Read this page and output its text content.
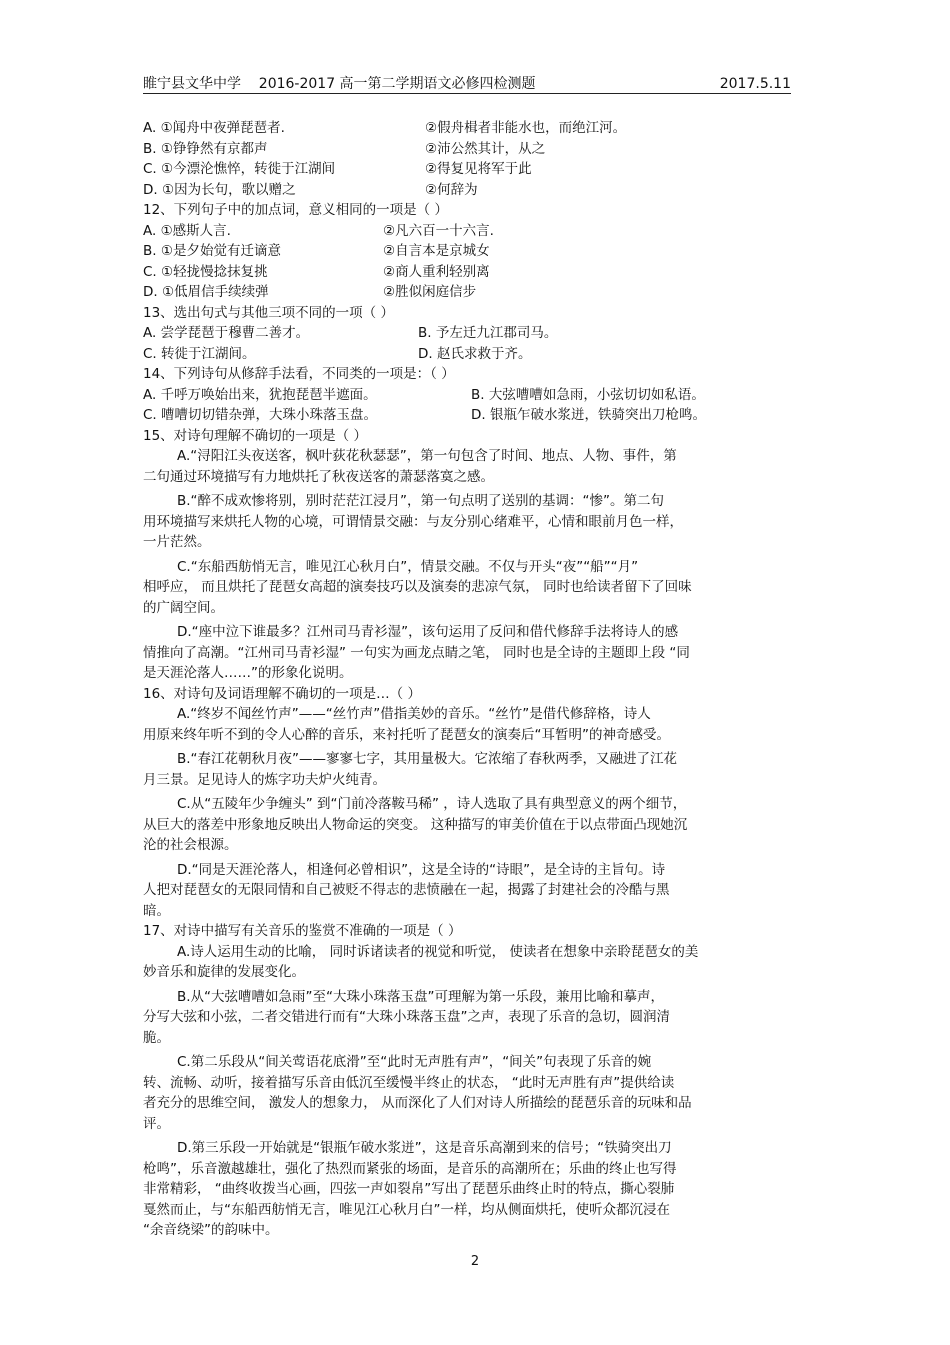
睢宁县文华中学    2016-2017 高一第二学期语文必修四检测题	2017.5.11
A. ①闻舟中夜弹琵琶者.	②假舟楫者非能水也，而绝江河。
B. ①铮铮然有京都声	②沛公然其计，从之
C. ①今漂沦憔悴，转徙于江湖间	②得复见将军于此
D. ①因为长句，歌以赠之	②何辞为
12、下列句子中的加点词，意义相同的一项是（ ）
A. ①感斯人言.	②凡六百一十六言.
B. ①是夕始觉有迁谪意	②自言本是京城女
C. ①轻拢慢捻抹复挑	②商人重利轻别离
D. ①低眉信手续续弹	②胜似闲庭信步
13、选出句式与其他三项不同的一项（ ）
A. 尝学琵琶于穆曹二善才。	B. 予左迁九江郡司马。
C. 转徙于江湖间。	D. 赵氏求救于齐。
14、下列诗句从修辞手法看，不同类的一项是：（ ）
A. 千呼万唤始出来，犹抱琵琶半遮面。	B. 大弦嘈嘈如急雨，小弦切切如私语。
C. 嘈嘈切切错杂弹，大珠小珠落玉盘。	D. 银瓶乍破水浆迸，铁骑突出刀枪鸣。
15、对诗句理解不确切的一项是（ ）
A.“浔阳江头夜送客，枫叶荻花秋瑟瑟”，第一句包含了时间、地点、人物、事件，第
二句通过环境描写有力地烘托了秋夜送客的萧瑟落寞之感。
B.“醉不成欢惨将别，别时茫茫江浸月”，第一句点明了送别的基调：“惨”。第二句
用环境描写来烘托人物的心境，可谓情景交融：与友分别心绪难平，心情和眼前月色一样，
一片茫然。
C.“东船西舫悄无言，唯见江心秋月白”，情景交融。不仅与开头“夜”“船”“月”
相呼应， 而且烘托了琵琶女高超的演奏技巧以及演奏的悲凉气氛， 同时也给读者留下了回味
的广阔空间。
D.“座中泣下谁最多？江州司马青衫湿”，该句运用了反问和借代修辞手法将诗人的感
情推向了高潮。“江州司马青衫湿” 一句实为画龙点睛之笔， 同时也是全诗的主题即上段 “同
是天涯沦落人……”的形象化说明。
16、对诗句及词语理解不确切的一项是…（ ）
A.“终岁不闻丝竹声”——“丝竹声”借指美妙的音乐。“丝竹”是借代修辞格，诗人
用原来终年听不到的令人心醉的音乐，来衬托听了琵琶女的演奏后“耳暂明”的神奇感受。
B.“春江花朝秋月夜”——寥寥七字，其用量极大。它浓缩了春秋两季，又融进了江花
月三景。足见诗人的炼字功夫炉火纯青。
C.从“五陵年少争缠头” 到“门前冷落鞍马稀” ，诗人选取了具有典型意义的两个细节，
从巨大的落差中形象地反映出人物命运的突变。 这种描写的审美价值在于以点带面凸现她沉
沦的社会根源。
D.“同是天涯沦落人，相逢何必曾相识”，这是全诗的“诗眼”，是全诗的主旨句。诗
人把对琵琶女的无限同情和自己被贬不得志的悲愤融在一起，揭露了封建社会的冷酷与黑
暗。
17、对诗中描写有关音乐的鉴赏不准确的一项是（ ）
A.诗人运用生动的比喻， 同时诉诸读者的视觉和听觉， 使读者在想象中亲聆琵琶女的美
妙音乐和旋律的发展变化。
B.从“大弦嘈嘈如急雨”至“大珠小珠落玉盘”可理解为第一乐段，兼用比喻和摹声，
分写大弦和小弦，二者交错进行而有“大珠小珠落玉盘”之声，表现了乐音的急切，圆润清
脆。
C.第二乐段从“间关莺语花底滑”至“此时无声胜有声”，“间关”句表现了乐音的婉
转、流畅、动听，接着描写乐音由低沉至缓慢半终止的状态， “此时无声胜有声”提供给读
者充分的思维空间， 激发人的想象力， 从而深化了人们对诗人所描绘的琵琶乐音的玩味和品
评。
D.第三乐段一开始就是“银瓶乍破水浆迸”，这是音乐高潮到来的信号；“铁骑突出刀
枪鸣”，乐音激越雄壮，强化了热烈而紧张的场面，是音乐的高潮所在；乐曲的终止也写得
非常精彩， “曲终收拨当心画，四弦一声如裂帛”写出了琵琶乐曲终止时的特点，撕心裂肺
戛然而止，与“东船西舫悄无言，唯见江心秋月白”一样，均从侧面烘托，使听众都沉浸在
“余音绕梁”的韵味中。
2
